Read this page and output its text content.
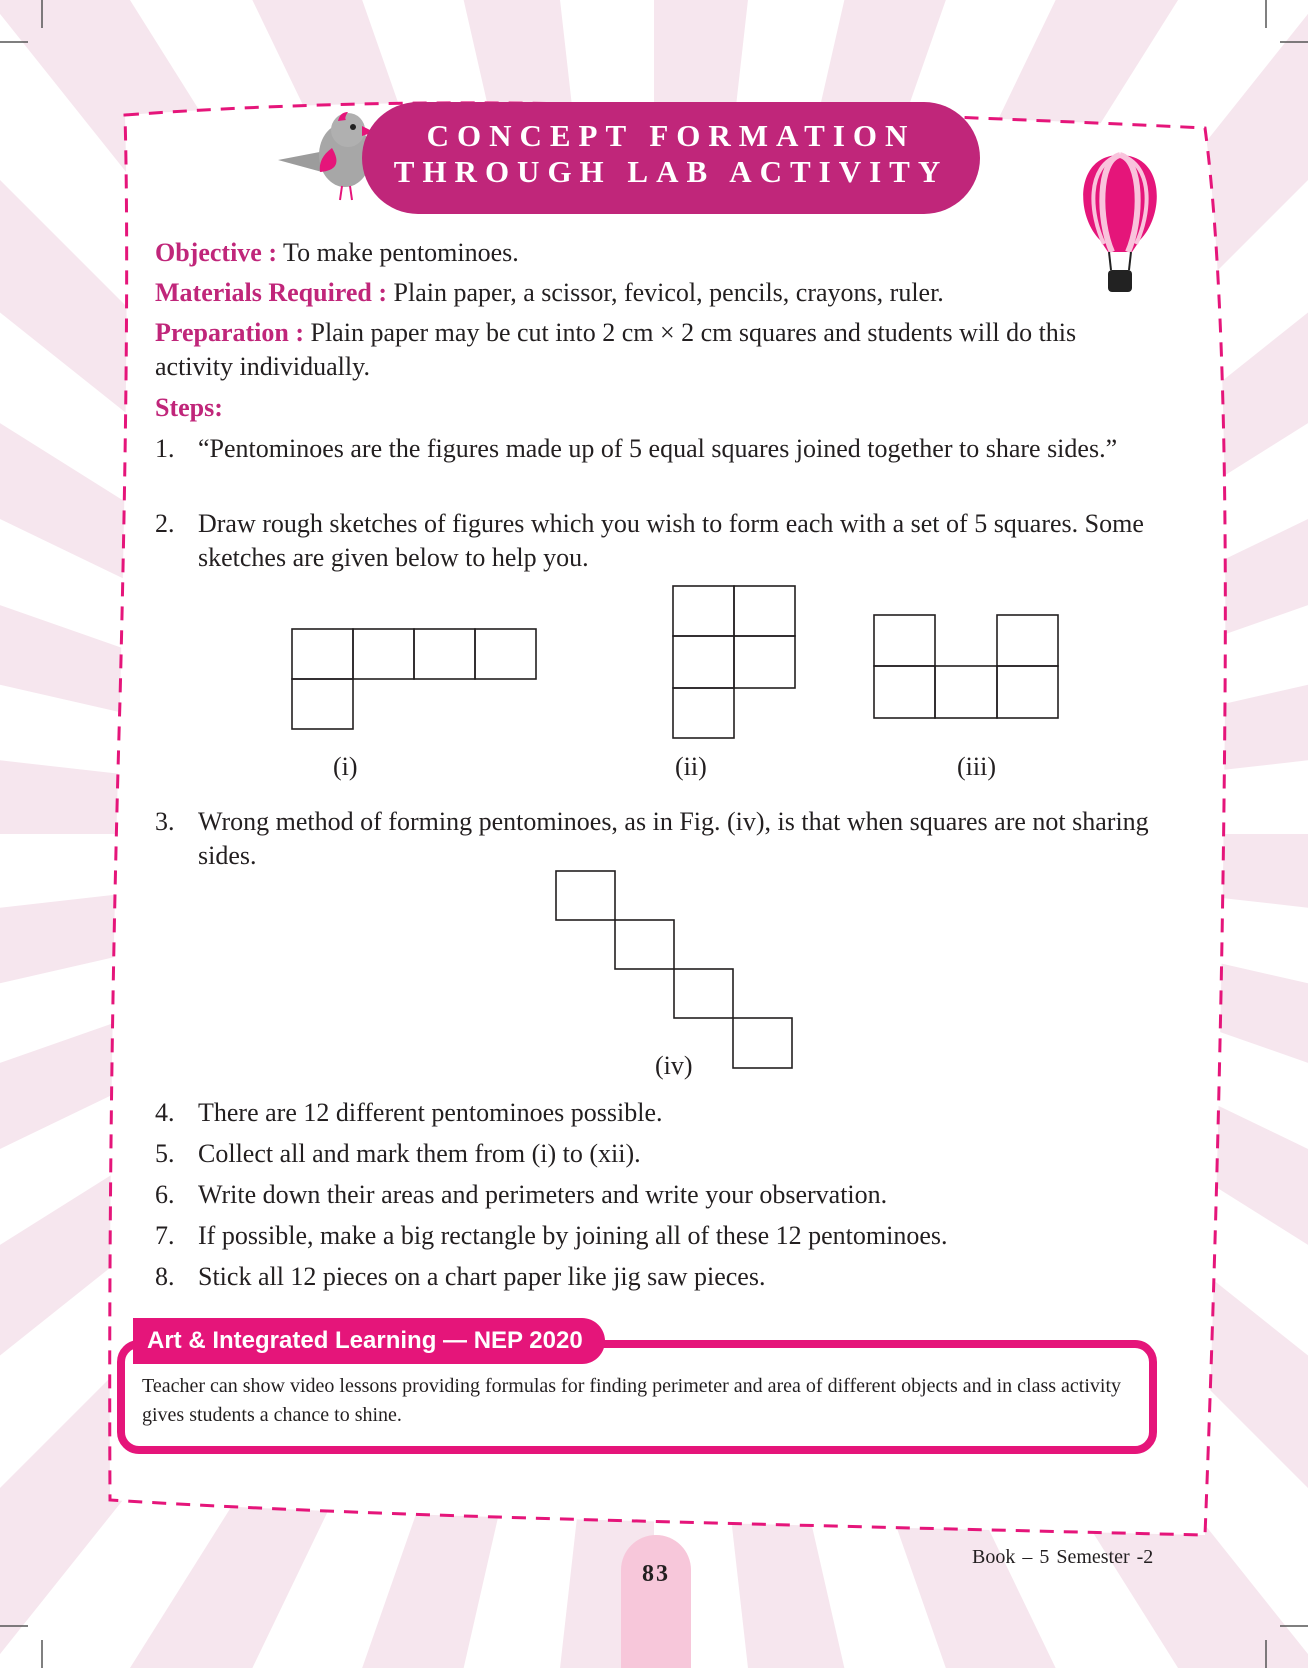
CONCEPT FORMATION
THROUGH LAB ACTIVITY
Objective : To make pentominoes.
Materials Required : Plain paper, a scissor, fevicol, pencils, crayons, ruler.
Preparation : Plain paper may be cut into 2 cm × 2 cm squares and students will do this
activity individually.
Steps:
1. “Pentominoes are the figures made up of 5 equal squares joined together to share sides.”
2. Draw rough sketches of figures which you wish to form each with a set of 5 squares. Some sketches are given below to help you.
3. Wrong method of forming pentominoes, as in Fig. (iv), is that when squares are not sharing sides.
4. There are 12 different pentominoes possible.
5. Collect all and mark them from (i) to (xii).
6. Write down their areas and perimeters and write your observation.
7. If possible, make a big rectangle by joining all of these 12 pentominoes.
8. Stick all 12 pieces on a chart paper like jig saw pieces.
(i)	(ii)	(iii)
(iv)
Art & Integrated Learning — NEP 2020
Teacher can show video lessons providing formulas for finding perimeter and area of different objects and in class activity gives students a chance to shine.
83
Book – 5 Semester -2
